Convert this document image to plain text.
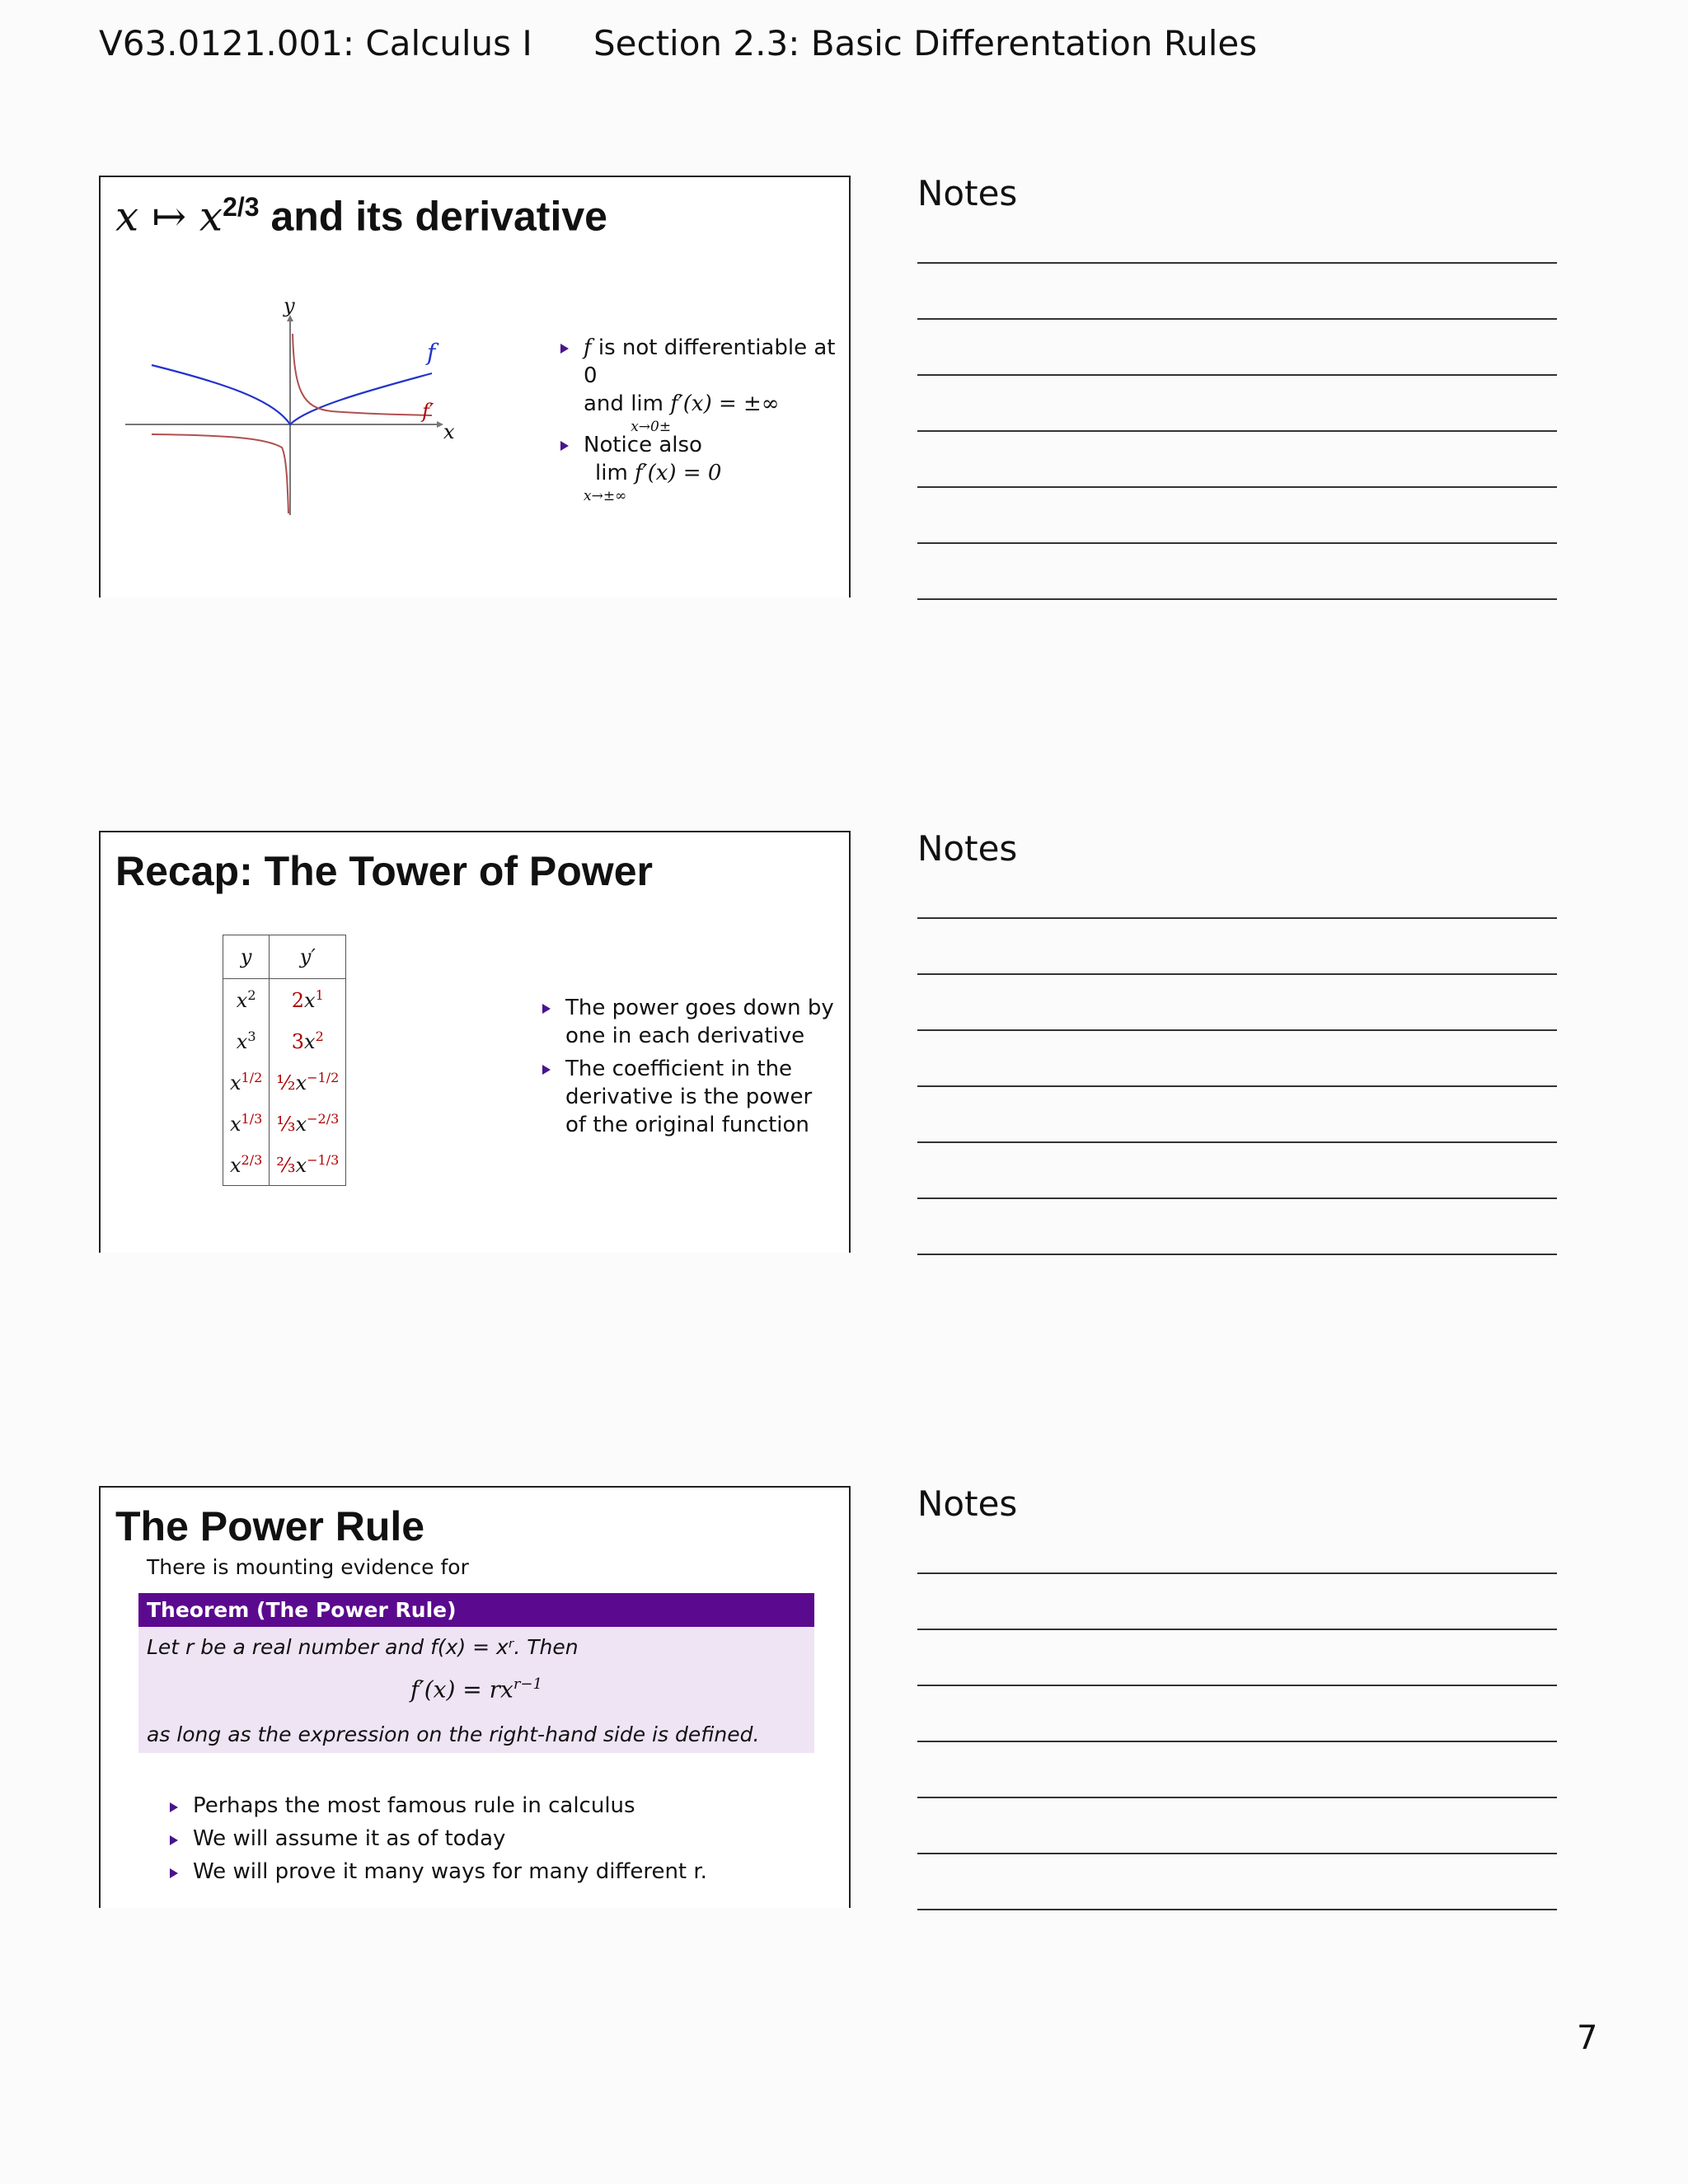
V63.0121.001: Calculus I Section 2.3: Basic Differentation Rules
x ↦ $x^{2/3}$ and its derivative
y
x
f
f′
f is not differentiable at 0
and lim
x→0±
f′(x) = ±∞
Notice also
lim
x→±∞
f′(x) = 0
Recap: The Tower of Power
y	y′
$x^2$	$2x^1$
$x^3$	$3x^2$
$x^{1/2}$	$\frac{1}{2}x^{-1/2}$
$x^{1/3}$	$\frac{1}{3}x^{-2/3}$
$x^{2/3}$	$\frac{2}{3}x^{-1/3}$
The power goes down by one in each derivative
The coefficient in the derivative is the power of the original function
The Power Rule
There is mounting evidence for
Theorem (The Power Rule)
Let r be a real number and f(x) = xʳ. Then
$f'(x) = rx^{r-1}$
as long as the expression on the right-hand side is defined.
Perhaps the most famous rule in calculus
We will assume it as of today
We will prove it many ways for many different r.
Notes
Notes
Notes
7
